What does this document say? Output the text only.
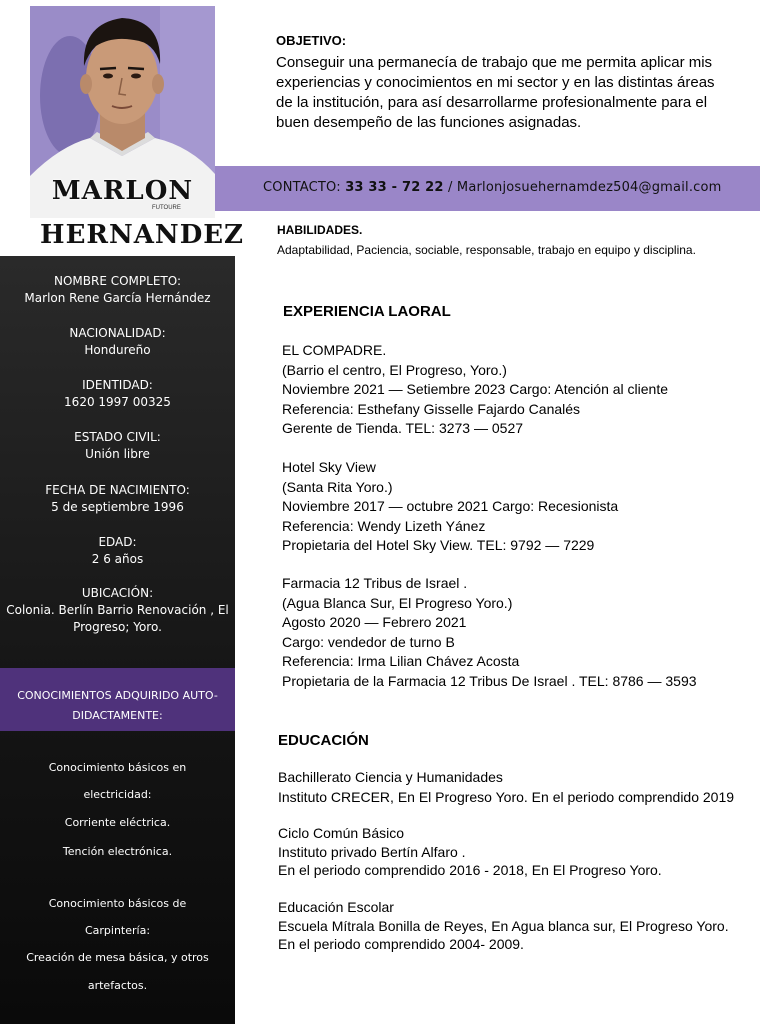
CONTACTO: 33 33 - 72 22 / Marlonjosuehernamdez504@gmail.com
MARLON
FUTOURE
HERNANDEZ
NOMBRE COMPLETO:
Marlon Rene García Hernández
NACIONALIDAD:
Hondureño
IDENTIDAD:
1620 1997 00325
ESTADO CIVIL:
Unión libre
FECHA DE NACIMIENTO:
5 de septiembre 1996
EDAD:
2 6 años
UBICACIÓN:
Colonia. Berlín Barrio Renovación , El Progreso; Yoro.
CONOCIMIENTOS ADQUIRIDO AUTO-DIDACTAMENTE:
Conocimiento básicos en
electricidad:
Corriente eléctrica.
Tención electrónica.
Conocimiento básicos de
Carpintería:
Creación de mesa básica, y otros
artefactos.
OBJETIVO:
Conseguir una permanecía de trabajo que me permita aplicar mis experiencias y conocimientos en mi sector y en las distintas áreas de la institución, para así desarrollarme profesionalmente para el buen desempeño de las funciones asignadas.
HABILIDADES.
Adaptabilidad, Paciencia, sociable, responsable, trabajo en equipo y disciplina.
EXPERIENCIA LAORAL
EL COMPADRE.
(Barrio el centro, El Progreso, Yoro.)
Noviembre 2021 — Setiembre 2023 Cargo: Atención al cliente
Referencia: Esthefany Gisselle Fajardo Canalés
Gerente de Tienda. TEL: 3273 — 0527
Hotel Sky View
(Santa Rita Yoro.)
Noviembre 2017 — octubre 2021 Cargo: Recesionista
Referencia: Wendy Lizeth Yánez
Propietaria del Hotel Sky View. TEL: 9792 — 7229
Farmacia 12 Tribus de Israel .
(Agua Blanca Sur, El Progreso Yoro.)
Agosto 2020 — Febrero 2021
Cargo: vendedor de turno B
Referencia: Irma Lilian Chávez Acosta
Propietaria de la Farmacia 12 Tribus De Israel . TEL: 8786 — 3593
EDUCACIÓN
Bachillerato Ciencia y Humanidades
Instituto CRECER, En El Progreso Yoro. En el periodo comprendido 2019
Ciclo Común Básico
Instituto privado Bertín Alfaro .
En el periodo comprendido 2016 - 2018, En El Progreso Yoro.
Educación Escolar
Escuela Mítrala Bonilla de Reyes, En Agua blanca sur, El Progreso Yoro.
En el periodo comprendido 2004- 2009.
